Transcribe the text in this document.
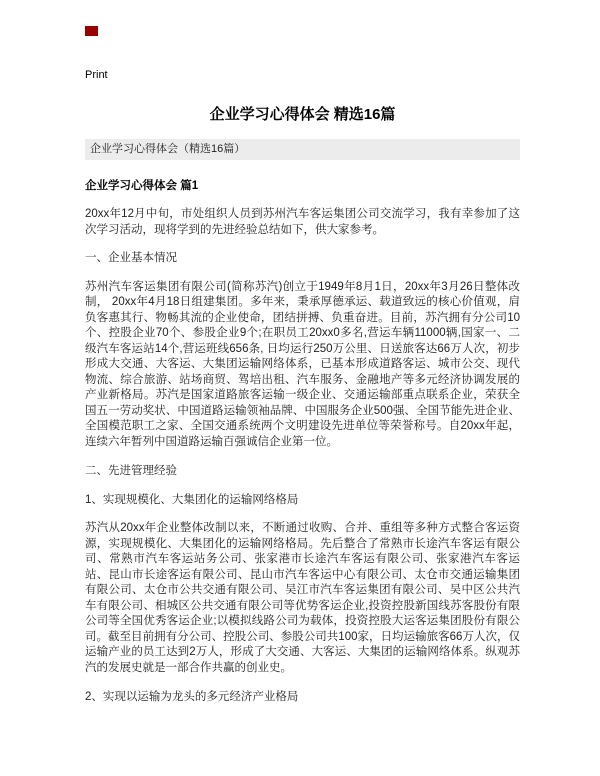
Print
企业学习心得体会 精选16篇
企业学习心得体会（精选16篇）
企业学习心得体会 篇1

20xx年12月中旬，市处组织人员到苏州汽车客运集团公司交流学习，我有幸参加了这次学习活动，现将学到的先进经验总结如下，供大家参考。

一、企业基本情况

苏州汽车客运集团有限公司(简称苏汽)创立于1949年8月1日，20xx年3月26日整体改制， 20xx年4月18日组建集团。多年来，秉承厚德承运、载道致远的核心价值观，肩负客惠其行、物畅其流的企业使命，团结拼搏、负重奋进。目前，苏汽拥有分公司10个、控股企业70个、参股企业9个;在职员工20xx0多名,营运车辆11000辆,国家一、二级汽车客运站14个,营运班线656条, 日均运行250万公里、日送旅客达66万人次，初步形成大交通、大客运、大集团运输网络体系，已基本形成道路客运、城市公交、现代物流、综合旅游、站场商贸、驾培出租、汽车服务、金融地产等多元经济协调发展的产业新格局。苏汽是国家道路旅客运输一级企业、交通运输部重点联系企业，荣获全国五一劳动奖状、中国道路运输领袖品牌、中国服务企业500强、全国节能先进企业、全国模范职工之家、全国交通系统两个文明建设先进单位等荣誉称号。自20xx年起，连续六年暂列中国道路运输百强诚信企业第一位。

二、先进管理经验
1、实现规模化、大集团化的运输网络格局

苏汽从20xx年企业整体改制以来，不断通过收购、合并、重组等多种方式整合客运资源，实现规模化、大集团化的运输网络格局。先后整合了常熟市长途汽车客运有限公司、常熟市汽车客运站务公司、张家港市长途汽车客运有限公司、张家港汽车客运站、昆山市长途客运有限公司、昆山市汽车客运中心有限公司、太仓市交通运输集团有限公司、太仓市公共交通有限公司、吴江市汽车客运集团有限公司、吴中区公共汽车有限公司、相城区公共交通有限公司等优势客运企业,投资控股新国线苏客股份有限公司等全国优秀客运企业;以模拟线路公司为载体，投资控股大运客运集团股份有限公司。截至目前拥有分公司、控股公司、参股公司共100家，日均运输旅客66万人次，仅运输产业的员工达到2万人，形成了大交通、大客运、大集团的运输网络体系。纵观苏汽的发展史就是一部合作共赢的创业史。

2、实现以运输为龙头的多元经济产业格局
